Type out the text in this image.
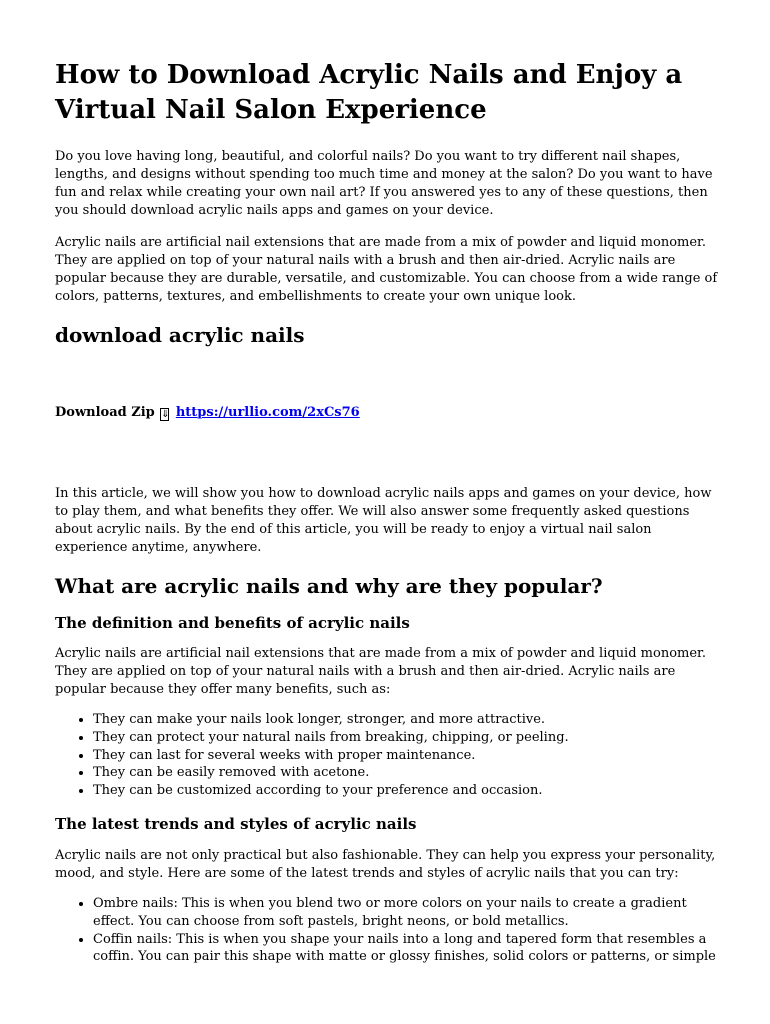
How to Download Acrylic Nails and Enjoy a Virtual Nail Salon Experience

Do you love having long, beautiful, and colorful nails? Do you want to try different nail shapes, lengths, and designs without spending too much time and money at the salon? Do you want to have fun and relax while creating your own nail art? If you answered yes to any of these questions, then you should download acrylic nails apps and games on your device.

Acrylic nails are artificial nail extensions that are made from a mix of powder and liquid monomer. They are applied on top of your natural nails with a brush and then air-dried. Acrylic nails are popular because they are durable, versatile, and customizable. You can choose from a wide range of colors, patterns, textures, and embellishments to create your own unique look.

download acrylic nails
Download Zip ⇓ https://urllio.com/2xCs76

In this article, we will show you how to download acrylic nails apps and games on your device, how to play them, and what benefits they offer. We will also answer some frequently asked questions about acrylic nails. By the end of this article, you will be ready to enjoy a virtual nail salon experience anytime, anywhere.

What are acrylic nails and why are they popular?
The definition and benefits of acrylic nails

Acrylic nails are artificial nail extensions that are made from a mix of powder and liquid monomer. They are applied on top of your natural nails with a brush and then air-dried. Acrylic nails are popular because they offer many benefits, such as:

• They can make your nails look longer, stronger, and more attractive.
• They can protect your natural nails from breaking, chipping, or peeling.
• They can last for several weeks with proper maintenance.
• They can be easily removed with acetone.
• They can be customized according to your preference and occasion.
The latest trends and styles of acrylic nails

Acrylic nails are not only practical but also fashionable. They can help you express your personality, mood, and style. Here are some of the latest trends and styles of acrylic nails that you can try:

• Ombre nails: This is when you blend two or more colors on your nails to create a gradient effect. You can choose from soft pastels, bright neons, or bold metallics.
• Coffin nails: This is when you shape your nails into a long and tapered form that resembles a coffin. You can pair this shape with matte or glossy finishes, solid colors or patterns, or simple
